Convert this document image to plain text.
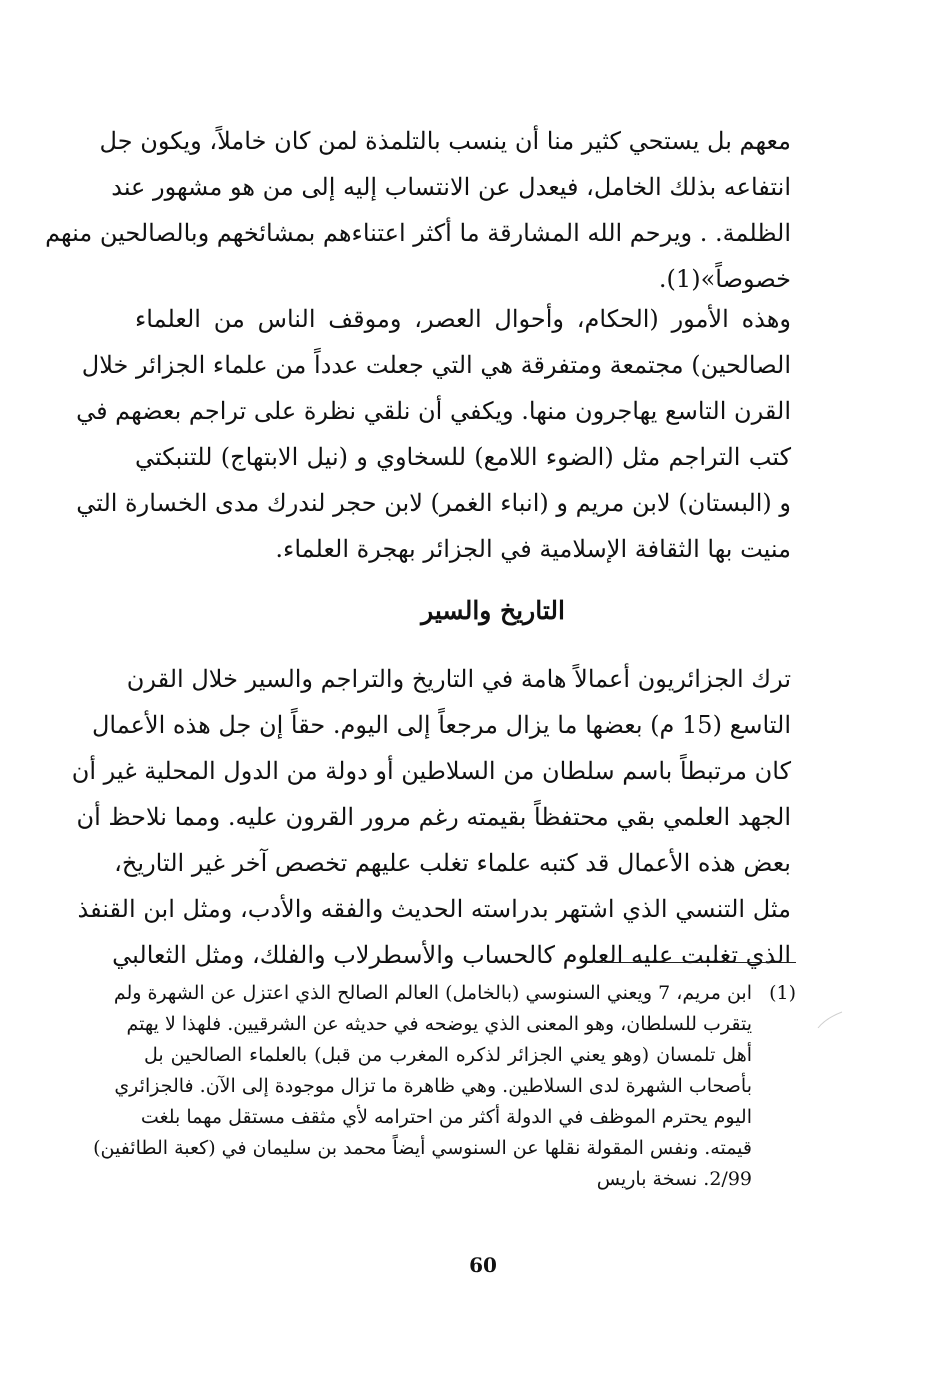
معهم بل يستحي كثير منا أن ينسب بالتلمذة لمن كان خاملاً، ويكون جل
انتفاعه بذلك الخامل، فيعدل عن الانتساب إليه إلى من هو مشهور عند
الظلمة. . ويرحم الله المشارقة ما أكثر اعتناءهم بمشائخهم وبالصالحين منهم
خصوصاً»(1).
وهذه الأمور (الحكام، وأحوال العصر، وموقف الناس من العلماء
الصالحين) مجتمعة ومتفرقة هي التي جعلت عدداً من علماء الجزائر خلال
القرن التاسع يهاجرون منها. ويكفي أن نلقي نظرة على تراجم بعضهم في
كتب التراجم مثل (الضوء اللامع) للسخاوي و (نيل الابتهاج) للتنبكتي
و (البستان) لابن مريم و (انباء الغمر) لابن حجر لندرك مدى الخسارة التي
منيت بها الثقافة الإسلامية في الجزائر بهجرة العلماء.
التاريخ والسير
ترك الجزائريون أعمالاً هامة في التاريخ والتراجم والسير خلال القرن
التاسع (15 م) بعضها ما يزال مرجعاً إلى اليوم. حقاً إن جل هذه الأعمال
كان مرتبطاً باسم سلطان من السلاطين أو دولة من الدول المحلية غير أن
الجهد العلمي بقي محتفظاً بقيمته رغم مرور القرون عليه. ومما نلاحظ أن
بعض هذه الأعمال قد كتبه علماء تغلب عليهم تخصص آخر غير التاريخ،
مثل التنسي الذي اشتهر بدراسته الحديث والفقه والأدب، ومثل ابن القنفذ
الذي تغلبت عليه العلوم كالحساب والأسطرلاب والفلك، ومثل الثعالبي
(1)
ابن مريم، 7 ويعني السنوسي (بالخامل) العالم الصالح الذي اعتزل عن الشهرة ولم
يتقرب للسلطان، وهو المعنى الذي يوضحه في حديثه عن الشرقيين. فلهذا لا يهتم
أهل تلمسان (وهو يعني الجزائر لذكره المغرب من قبل) بالعلماء الصالحين بل
بأصحاب الشهرة لدى السلاطين. وهي ظاهرة ما تزال موجودة إلى الآن. فالجزائري
اليوم يحترم الموظف في الدولة أكثر من احترامه لأي مثقف مستقل مهما بلغت
قيمته. ونفس المقولة نقلها عن السنوسي أيضاً محمد بن سليمان في (كعبة الطائفين)
2/99. نسخة باريس
60
